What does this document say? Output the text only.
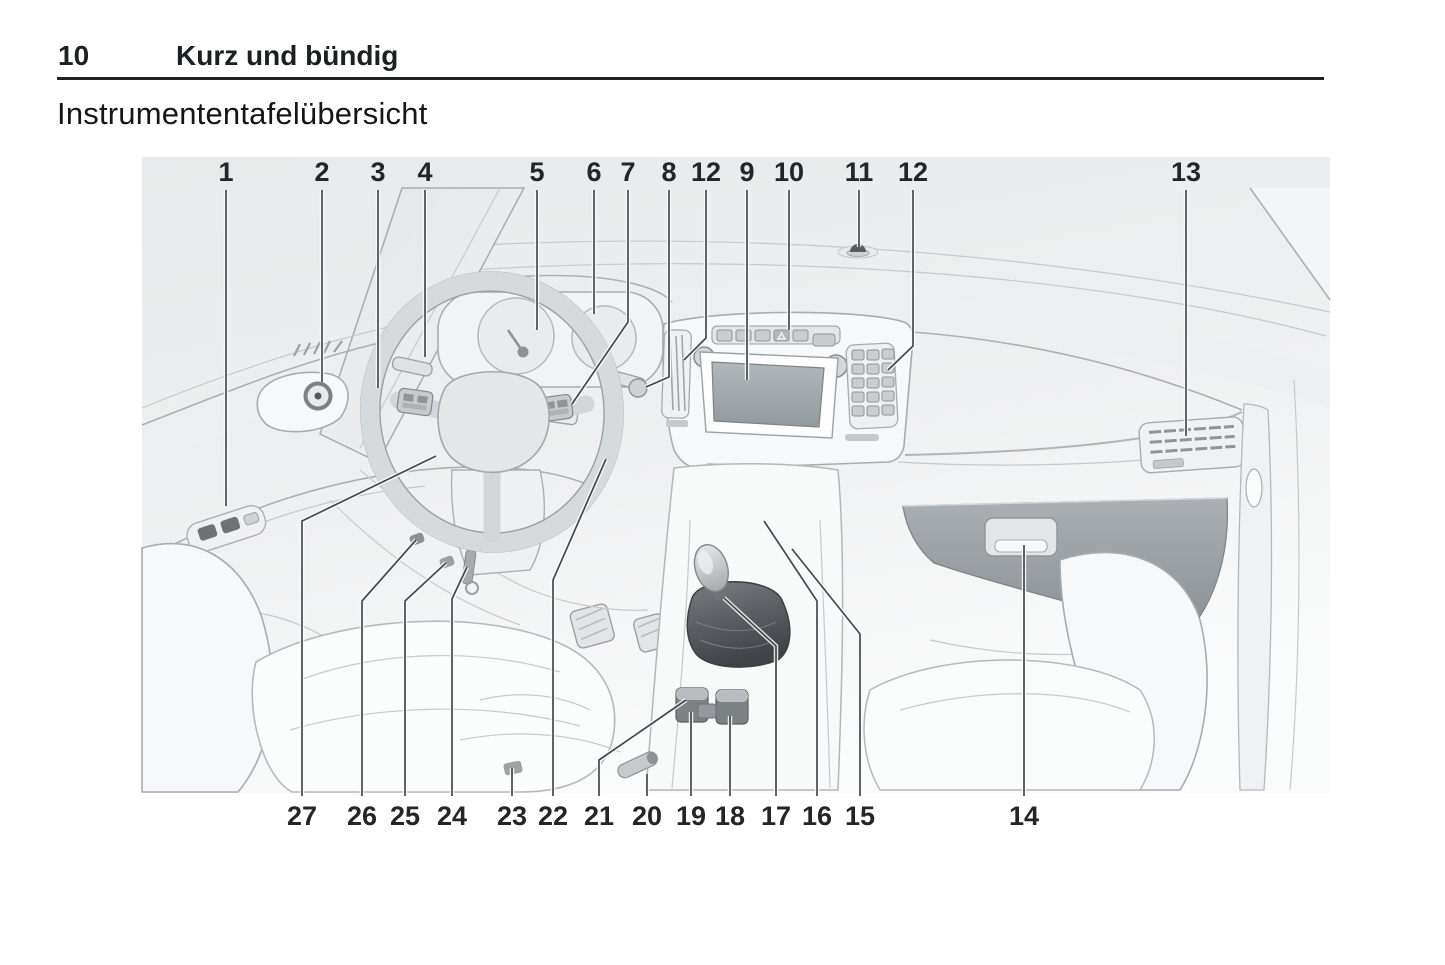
10	Kurz und bündig
Instrumententafelübersicht
1	2 3 4	5 6 7 8 12 9 10 11 12	13
27 26 25 24 23 22 21 20 19 18 17 16 15	14
